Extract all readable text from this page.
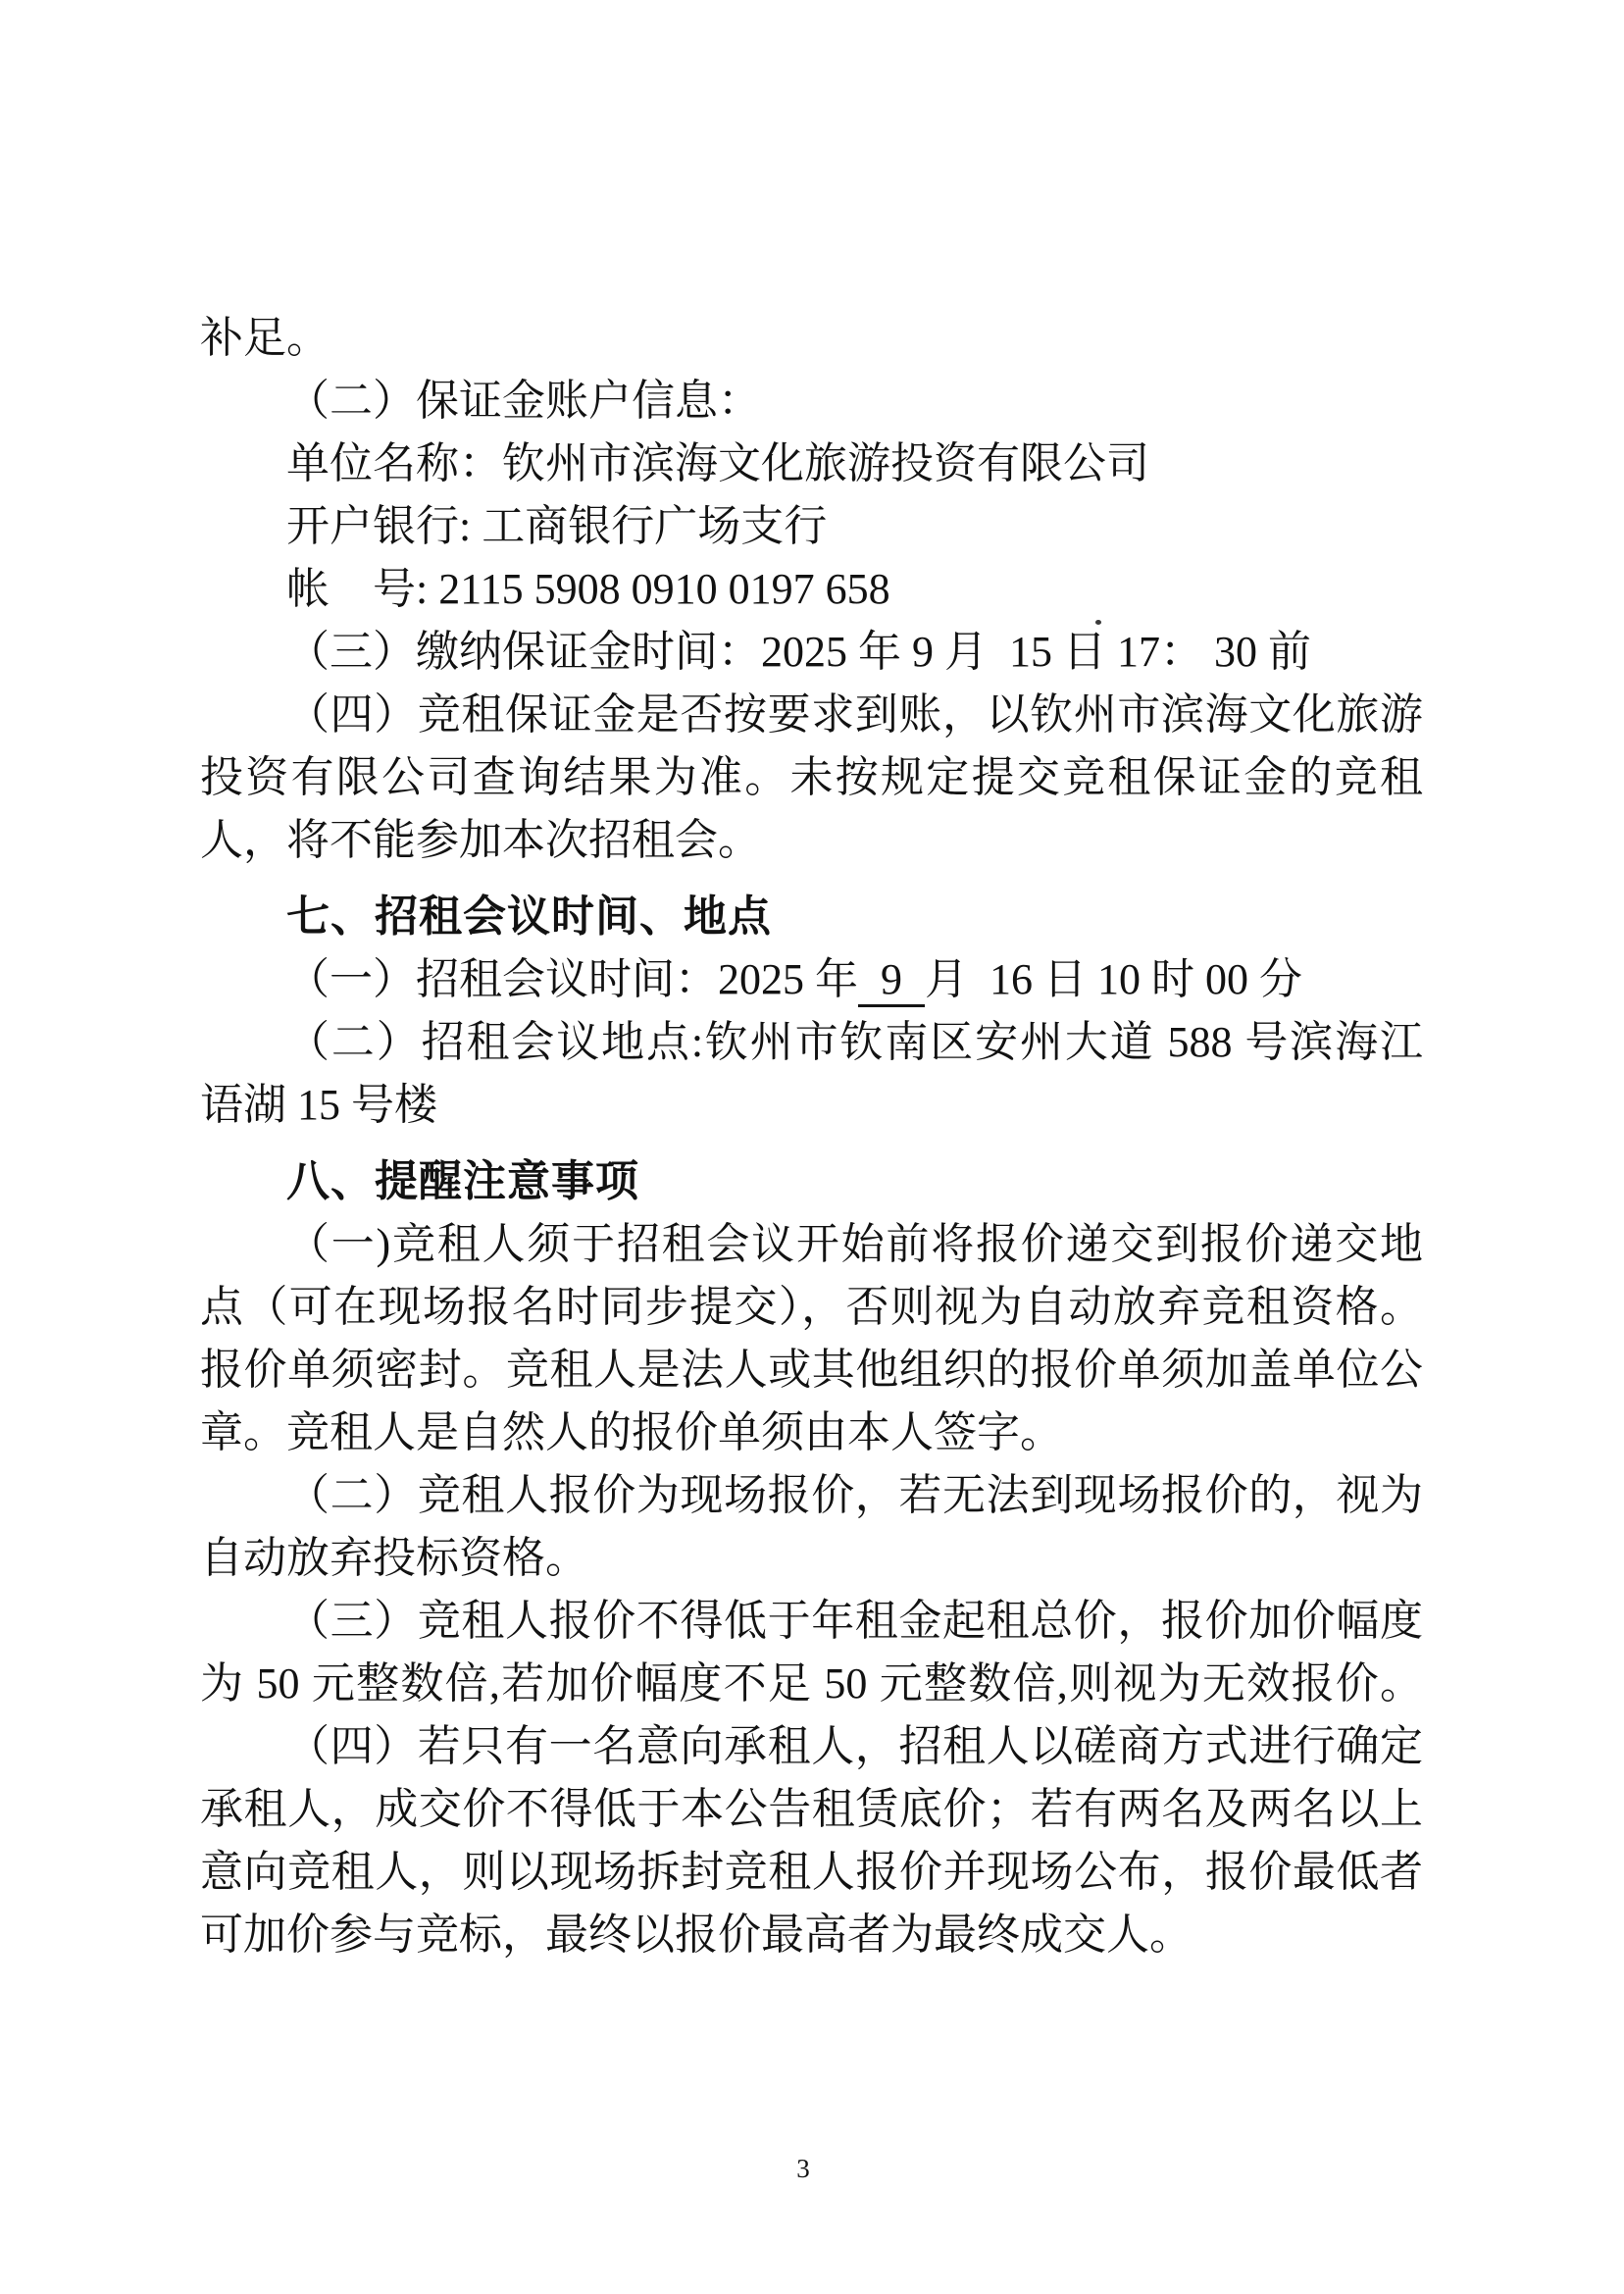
补足。
（二）保证金账户信息：
单位名称：钦州市滨海文化旅游投资有限公司
开户银行: 工商银行广场支行
帐　号: 2115 5908 0910 0197 658
（三）缴纳保证金时间：2025 年 9 月  15 日 17： 30 前
（四）竞租保证金是否按要求到账，以钦州市滨海文化旅游
投资有限公司查询结果为准。未按规定提交竞租保证金的竞租
人，将不能参加本次招租会。
七、招租会议时间、地点
（一）招租会议时间：2025 年 9 月  16 日 10 时 00 分
（二）招租会议地点:钦州市钦南区安州大道 588 号滨海江
语湖 15 号楼
八、提醒注意事项
（一)竞租人须于招租会议开始前将报价递交到报价递交地
点（可在现场报名时同步提交），否则视为自动放弃竞租资格。
报价单须密封。竞租人是法人或其他组织的报价单须加盖单位公
章。竞租人是自然人的报价单须由本人签字。
（二）竞租人报价为现场报价，若无法到现场报价的，视为
自动放弃投标资格。
（三）竞租人报价不得低于年租金起租总价，报价加价幅度
为 50 元整数倍,若加价幅度不足 50 元整数倍,则视为无效报价。
（四）若只有一名意向承租人，招租人以磋商方式进行确定
承租人，成交价不得低于本公告租赁底价；若有两名及两名以上
意向竞租人，则以现场拆封竞租人报价并现场公布，报价最低者
可加价参与竞标，最终以报价最高者为最终成交人。
3
